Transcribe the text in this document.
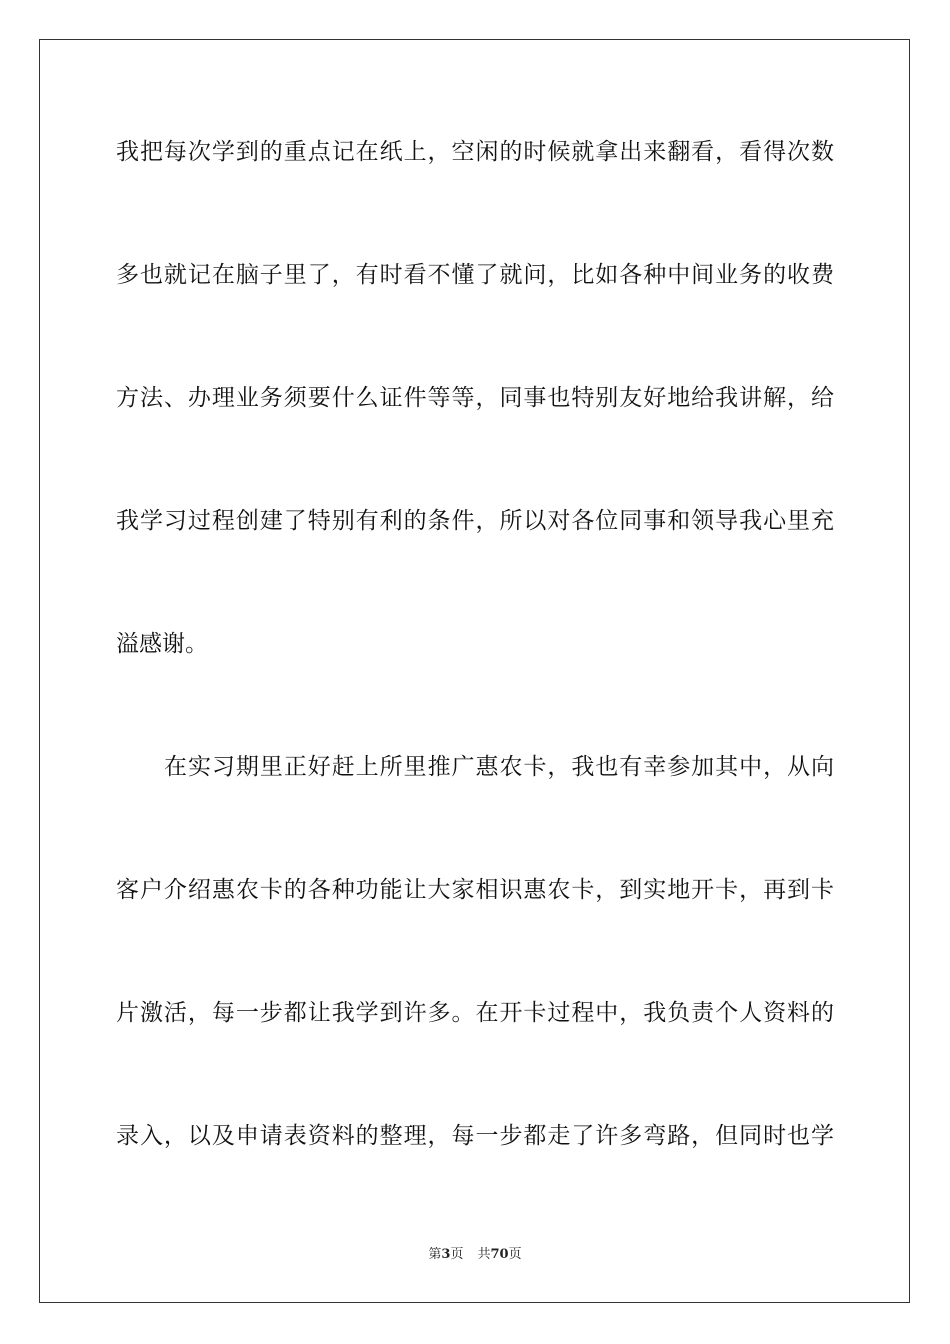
我把每次学到的重点记在纸上，空闲的时候就拿出来翻看，看得次数
多也就记在脑子里了，有时看不懂了就问，比如各种中间业务的收费
方法、办理业务须要什么证件等等，同事也特别友好地给我讲解，给
我学习过程创建了特别有利的条件，所以对各位同事和领导我心里充
溢感谢。
在实习期里正好赶上所里推广惠农卡，我也有幸参加其中，从向
客户介绍惠农卡的各种功能让大家相识惠农卡，到实地开卡，再到卡
片激活，每一步都让我学到许多。在开卡过程中，我负责个人资料的
录入，以及申请表资料的整理，每一步都走了许多弯路，但同时也学
第3页 共70页
